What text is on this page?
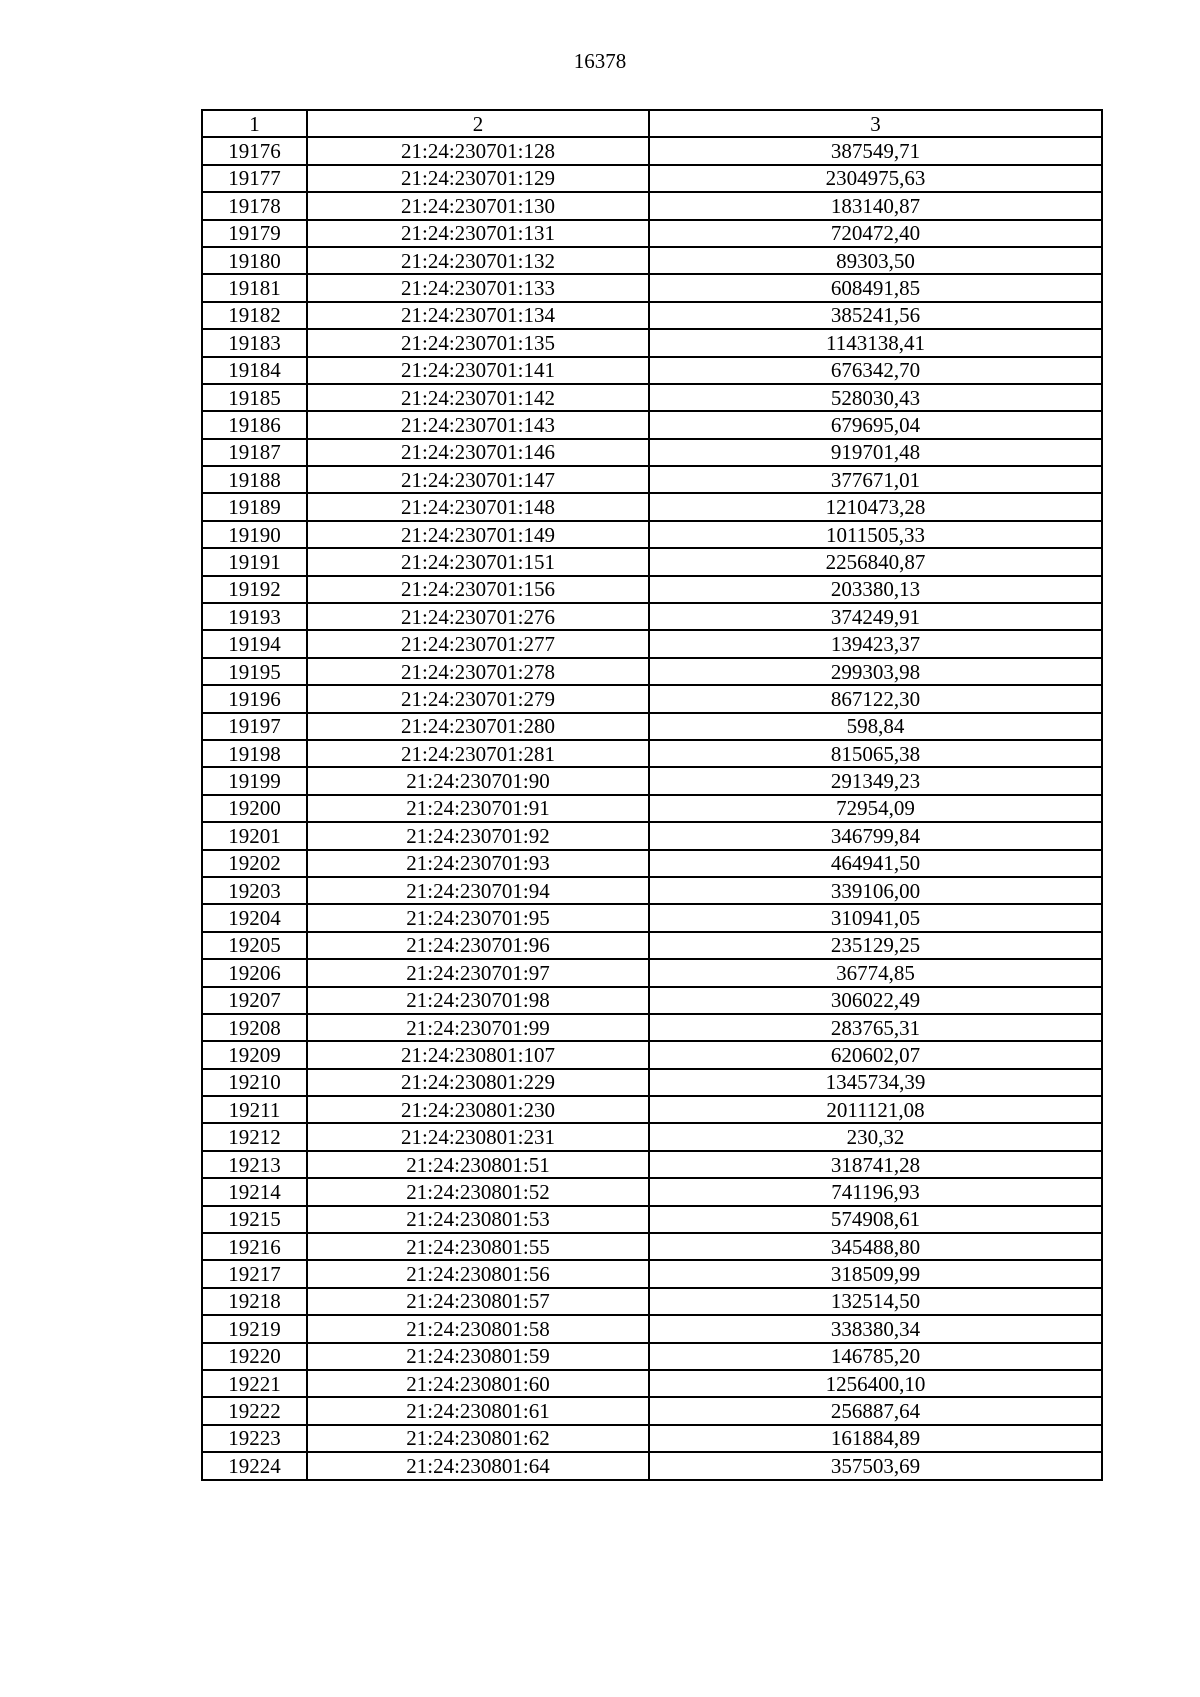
16378
1	2	3
19176	21:24:230701:128	387549,71
19177	21:24:230701:129	2304975,63
19178	21:24:230701:130	183140,87
19179	21:24:230701:131	720472,40
19180	21:24:230701:132	89303,50
19181	21:24:230701:133	608491,85
19182	21:24:230701:134	385241,56
19183	21:24:230701:135	1143138,41
19184	21:24:230701:141	676342,70
19185	21:24:230701:142	528030,43
19186	21:24:230701:143	679695,04
19187	21:24:230701:146	919701,48
19188	21:24:230701:147	377671,01
19189	21:24:230701:148	1210473,28
19190	21:24:230701:149	1011505,33
19191	21:24:230701:151	2256840,87
19192	21:24:230701:156	203380,13
19193	21:24:230701:276	374249,91
19194	21:24:230701:277	139423,37
19195	21:24:230701:278	299303,98
19196	21:24:230701:279	867122,30
19197	21:24:230701:280	598,84
19198	21:24:230701:281	815065,38
19199	21:24:230701:90	291349,23
19200	21:24:230701:91	72954,09
19201	21:24:230701:92	346799,84
19202	21:24:230701:93	464941,50
19203	21:24:230701:94	339106,00
19204	21:24:230701:95	310941,05
19205	21:24:230701:96	235129,25
19206	21:24:230701:97	36774,85
19207	21:24:230701:98	306022,49
19208	21:24:230701:99	283765,31
19209	21:24:230801:107	620602,07
19210	21:24:230801:229	1345734,39
19211	21:24:230801:230	2011121,08
19212	21:24:230801:231	230,32
19213	21:24:230801:51	318741,28
19214	21:24:230801:52	741196,93
19215	21:24:230801:53	574908,61
19216	21:24:230801:55	345488,80
19217	21:24:230801:56	318509,99
19218	21:24:230801:57	132514,50
19219	21:24:230801:58	338380,34
19220	21:24:230801:59	146785,20
19221	21:24:230801:60	1256400,10
19222	21:24:230801:61	256887,64
19223	21:24:230801:62	161884,89
19224	21:24:230801:64	357503,69
